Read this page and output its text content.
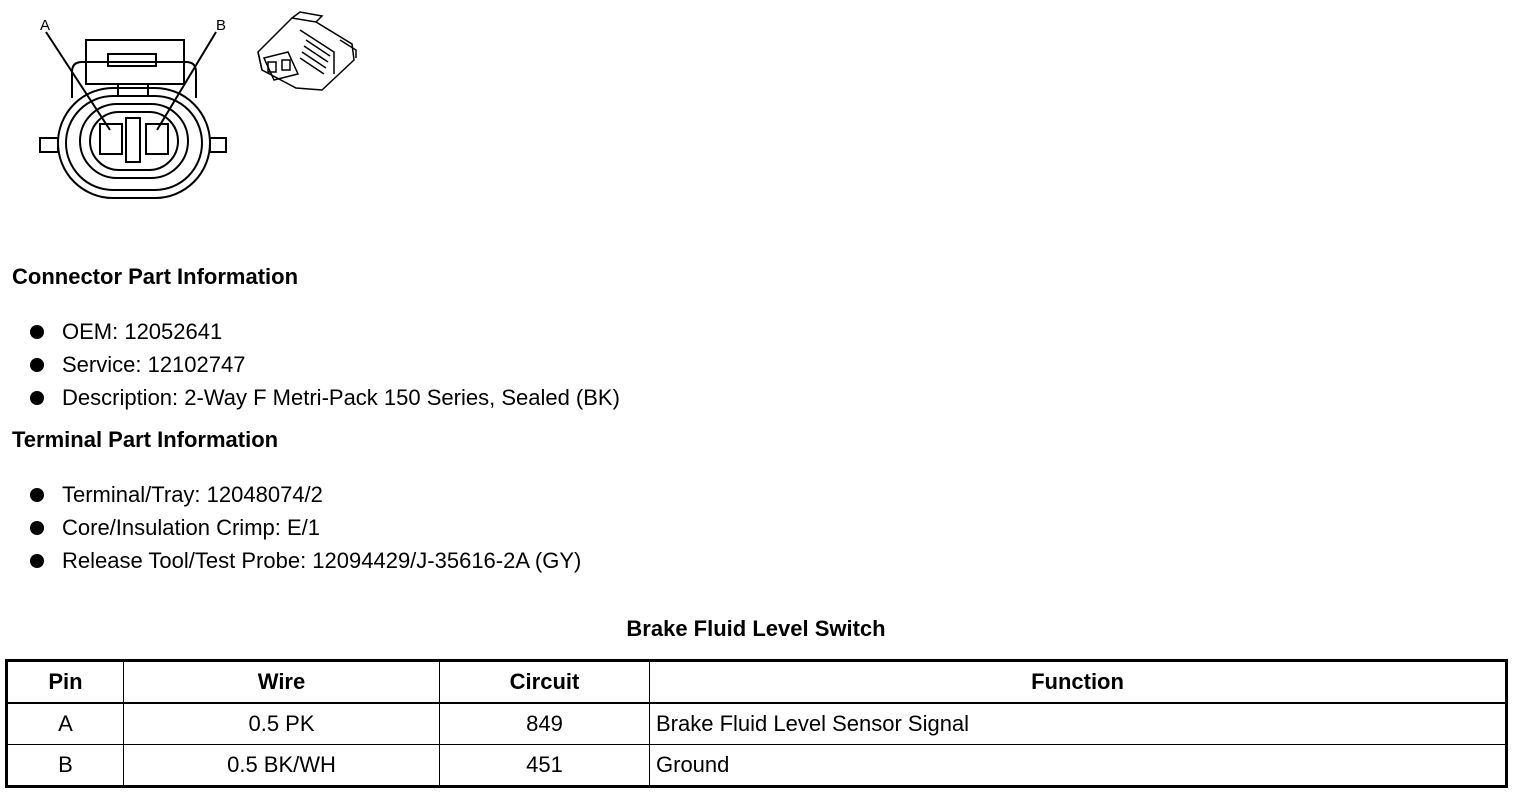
A	B
Connector Part Information
OEM: 12052641
Service: 12102747
Description: 2-Way F Metri-Pack 150 Series, Sealed (BK)
Terminal Part Information
Terminal/Tray: 12048074/2
Core/Insulation Crimp: E/1
Release Tool/Test Probe: 12094429/J-35616-2A (GY)
Brake Fluid Level Switch
Pin	Wire	Circuit	Function
A	0.5 PK	849	Brake Fluid Level Sensor Signal
B	0.5 BK/WH	451	Ground
